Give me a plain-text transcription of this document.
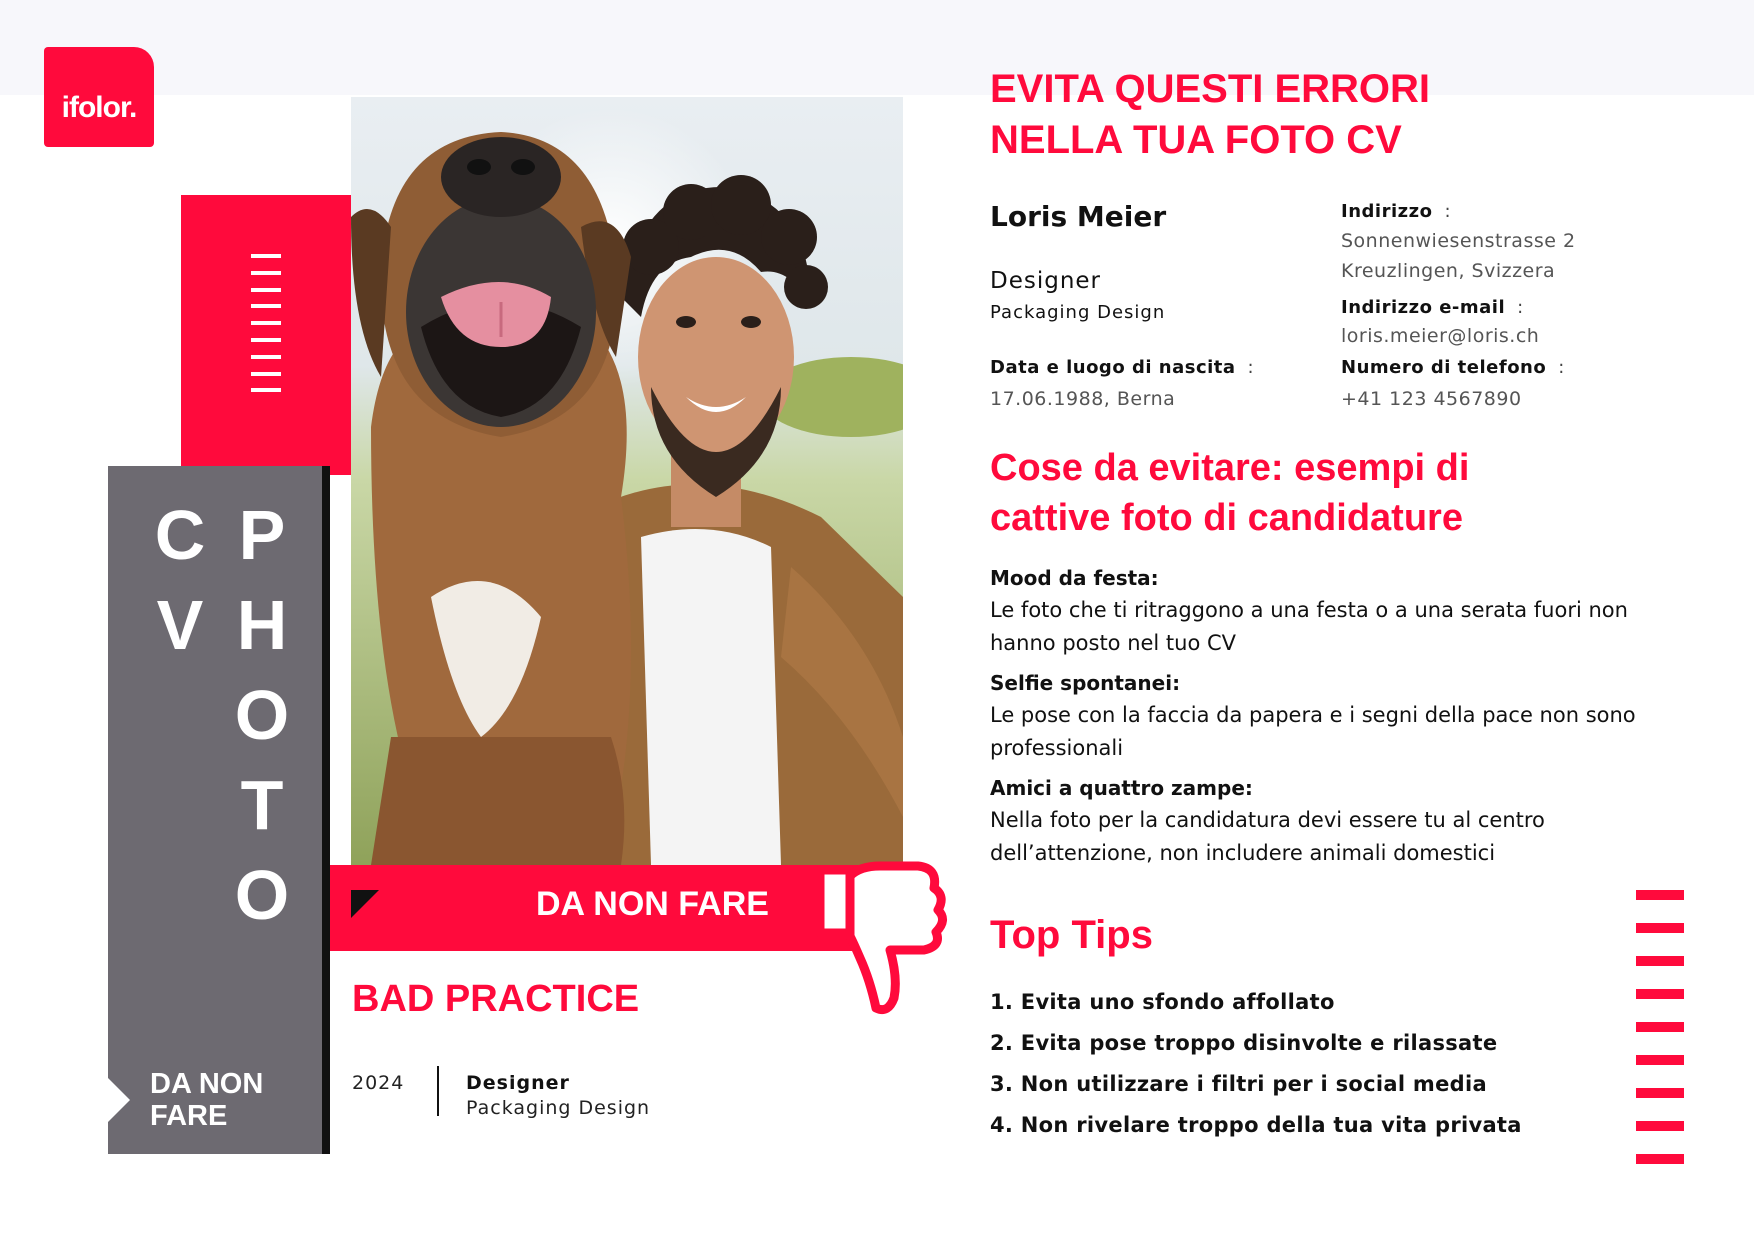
ifolor.
C
V
P
H
O
T
O
DA NON
FARE
DA NON FARE
BAD PRACTICE
2024	Designer
Packaging Design
EVITA QUESTI ERRORI
NELLA TUA FOTO CV
Loris Meier
Designer
Packaging Design
Data e luogo di nascita :
17.06.1988, Berna
Indirizzo :
Sonnenwiesenstrasse 2
Kreuzlingen, Svizzera
Indirizzo e-mail :
loris.meier@loris.ch
Numero di telefono :
+41 123 4567890
Cose da evitare: esempi di
cattive foto di candidature
Mood da festa:
Le foto che ti ritraggono a una festa o a una serata fuori non hanno posto nel tuo CV
Selfie spontanei:
Le pose con la faccia da papera e i segni della pace non sono professionali
Amici a quattro zampe:
Nella foto per la candidatura devi essere tu al centro dell’attenzione, non includere animali domestici
Top Tips
1. Evita uno sfondo affollato
2. Evita pose troppo disinvolte e rilassate
3. Non utilizzare i filtri per i social media
4. Non rivelare troppo della tua vita privata
